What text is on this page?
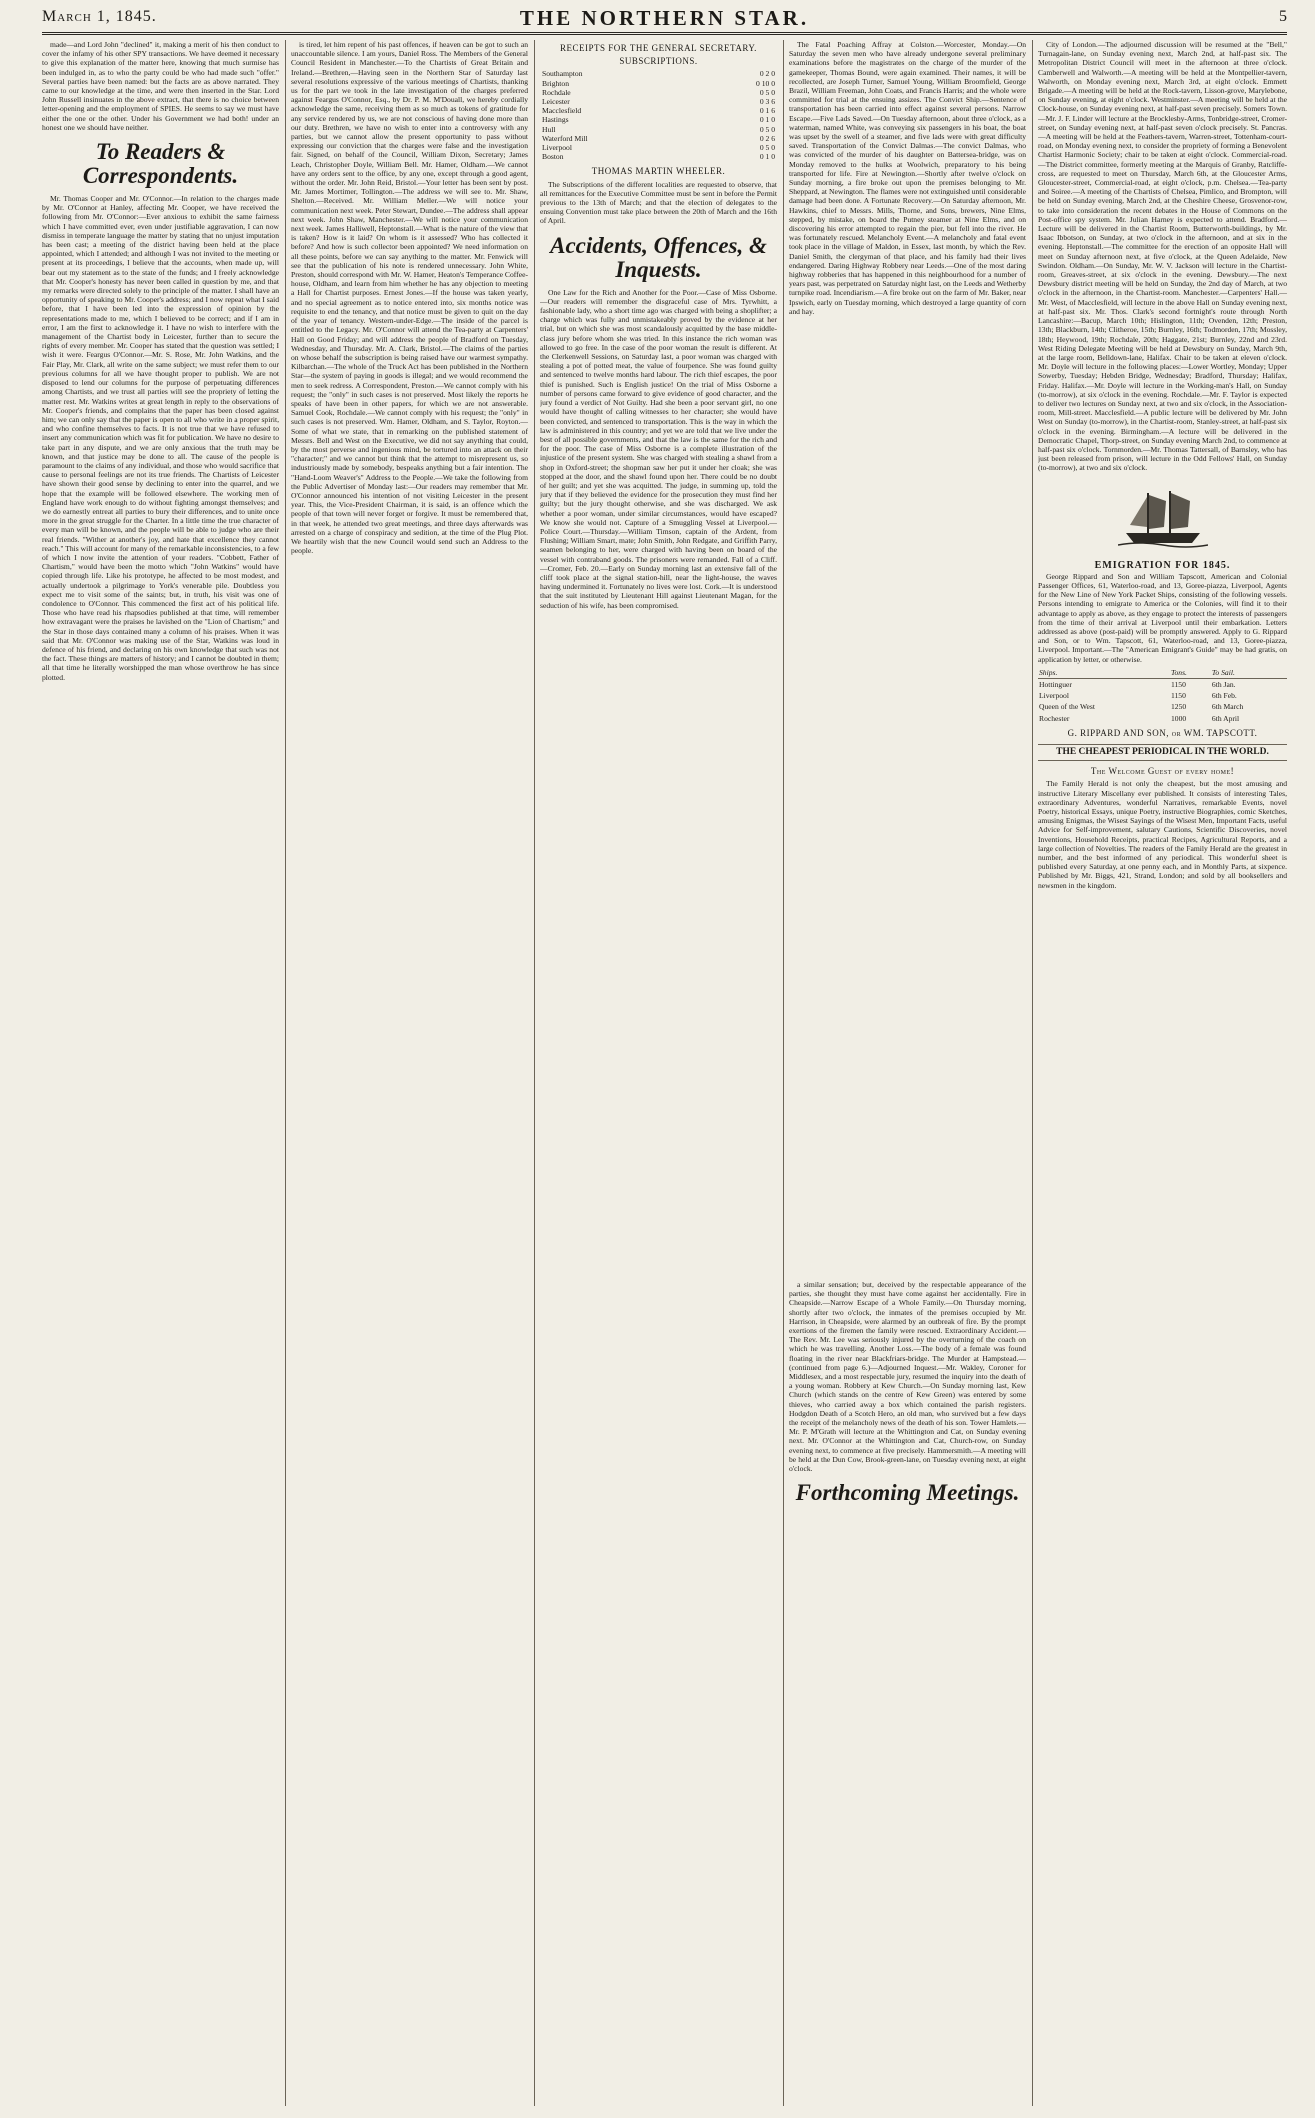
March 1, 1845.	THE NORTHERN STAR.	5

made—and Lord John "declined" it, making a merit of his then conduct to cover the infamy of his other SPY transactions. We have deemed it necessary to give this explanation of the matter here, knowing that much surmise has been indulged in, as to who the party could be who had made such "offer." Several parties have been named: but the facts are as above narrated. They came to our knowledge at the time, and were then inserted in the Star. Lord John Russell insinuates in the above extract, that there is no choice between letter-opening and the employment of SPIES. He seems to say we must have either the one or the other. Under his Government we had both! under an honest one we should have neither.

To Readers & Correspondents.

Mr. Thomas Cooper and Mr. O'Connor.—In relation to the charges made by Mr. O'Connor at Hanley, affecting Mr. Cooper, we have received the following from Mr. O'Connor:—Ever anxious to exhibit the same fairness which I have committed ever, even under justifiable aggravation, I can now dismiss in temperate language the matter by stating that no unjust imputation has been cast; a meeting of the district having been held at the place appointed, which I attended; and although I was not invited to the meeting or present at its proceedings, I believe that the accounts, when made up, will bear out my statement as to the state of the funds; and I freely acknowledge that Mr. Cooper's honesty has never been called in question by me, and that my remarks were directed solely to the principle of the matter. I shall have an opportunity of speaking to Mr. Cooper's address; and I now repeat what I said before, that I have been led into the expression of opinion by the representations made to me, which I believed to be correct; and if I am in error, I am the first to acknowledge it. I have no wish to interfere with the management of the Chartist body in Leicester, further than to secure the rights of every member. Mr. Cooper has stated that the question was settled; I wish it were. Feargus O'Connor.—Mr. S. Rose, Mr. John Watkins, and the Fair Play, Mr. Clark, all write on the same subject; we must refer them to our previous columns for all we have thought proper to publish. We are not disposed to lend our columns for the purpose of perpetuating differences among Chartists, and we trust all parties will see the propriety of letting the matter rest. Mr. Watkins writes at great length in reply to the observations of Mr. Cooper's friends, and complains that the paper has been closed against him; we can only say that the paper is open to all who write in a proper spirit, and who confine themselves to facts. It is not true that we have refused to insert any communication which was fit for publication. We have no desire to take part in any dispute, and we are only anxious that the truth may be known, and that justice may be done to all. The cause of the people is paramount to the claims of any individual, and those who would sacrifice that cause to personal feelings are not its true friends. The Chartists of Leicester have shown their good sense by declining to enter into the quarrel, and we hope that the example will be followed elsewhere. The working men of England have work enough to do without fighting amongst themselves; and we do earnestly entreat all parties to bury their differences, and to unite once more in the great struggle for the Charter. In a little time the true character of every man will be known, and the people will be able to judge who are their real friends. "Wither at another's joy, and hate that excellence they cannot reach." This will account for many of the remarkable inconsistencies, to a few of which I now invite the attention of your readers. "Cobbett, Father of Chartism," would have been the motto which "John Watkins" would have copied through life. Like his prototype, he affected to be most modest, and actually undertook a pilgrimage to York's venerable pile. Doubtless you expect me to visit some of the saints; but, in truth, his visit was one of condolence to O'Connor. This commenced the first act of his political life. Those who have read his rhapsodies published at that time, will remember how extravagant were the praises he lavished on the "Lion of Chartism;" and the Star in those days contained many a column of his praises. When it was said that Mr. O'Connor was making use of the Star, Watkins was loud in defence of his friend, and declaring on his own knowledge that such was not the fact. These things are matters of history; and I cannot be doubted in them; all that time he literally worshipped the man whose overthrow he has since plotted.

is tired, let him repent of his past offences, if heaven can be got to such an unaccountable silence. I am yours, Daniel Ross. The Members of the General Council Resident in Manchester.—To the Chartists of Great Britain and Ireland.—Brethren,—Having seen in the Northern Star of Saturday last several resolutions expressive of the various meetings of Chartists, thanking us for the part we took in the late investigation of the charges preferred against Feargus O'Connor, Esq., by Dr. P. M. M'Douall, we hereby cordially acknowledge the same, receiving them as so much as tokens of gratitude for any service rendered by us, we are not conscious of having done more than our duty. Brethren, we have no wish to enter into a controversy with any parties, but we cannot allow the present opportunity to pass without expressing our conviction that the charges were false and the investigation fair. Signed, on behalf of the Council, William Dixon, Secretary; James Leach, Christopher Doyle, William Bell. Mr. Hamer, Oldham.—We cannot have any orders sent to the office, by any one, except through a good agent, without the order. Mr. John Reid, Bristol.—Your letter has been sent by post. Mr. James Mortimer, Tollington.—The address we will see to. Mr. Shaw, Shelton.—Received. Mr. William Meller.—We will notice your communication next week. Peter Stewart, Dundee.—The address shall appear next week. John Shaw, Manchester.—We will notice your communication next week. James Halliwell, Heptonstall.—What is the nature of the view that is taken? How is it laid? On whom is it assessed? Who has collected it before? And how is such collector been appointed? We need information on all these points, before we can say anything to the matter. Mr. Fenwick will see that the publication of his note is rendered unnecessary. John White, Preston, should correspond with Mr. W. Hamer, Heaton's Temperance Coffee-house, Oldham, and learn from him whether he has any objection to meeting a Hall for Chartist purposes. Ernest Jones.—If the house was taken yearly, and no special agreement as to notice entered into, six months notice was requisite to end the tenancy, and that notice must be given to quit on the day of the year of tenancy. Western-under-Edge.—The inside of the parcel is entitled to the Legacy. Mr. O'Connor will attend the Tea-party at Carpenters' Hall on Good Friday; and will address the people of Bradford on Tuesday, Wednesday, and Thursday. Mr. A. Clark, Bristol.—The claims of the parties on whose behalf the subscription is being raised have our warmest sympathy. Kilbarchan.—The whole of the Truck Act has been published in the Northern Star—the system of paying in goods is illegal; and we would recommend the men to seek redress. A Correspondent, Preston.—We cannot comply with his request; the "only" in such cases is not preserved. Most likely the reports he speaks of have been in other papers, for which we are not answerable. Samuel Cook, Rochdale.—We cannot comply with his request; the "only" in such cases is not preserved. Wm. Hamer, Oldham, and S. Taylor, Royton.—Some of what we state, that in remarking on the published statement of Messrs. Bell and West on the Executive, we did not say anything that could, by the most perverse and ingenious mind, be tortured into an attack on their "character;" and we cannot but think that the attempt to misrepresent us, so industriously made by somebody, bespeaks anything but a fair intention. The "Hand-Loom Weaver's" Address to the People.—We take the following from the Public Advertiser of Monday last:—Our readers may remember that Mr. O'Connor announced his intention of not visiting Leicester in the present year. This, the Vice-President Chairman, it is said, is an offence which the people of that town will never forget or forgive. It must be remembered that, in that week, he attended two great meetings, and three days afterwards was arrested on a charge of conspiracy and sedition, at the time of the Plug Plot. We heartily wish that the new Council would send such an Address to the people.

RECEIPTS FOR THE GENERAL SECRETARY.
SUBSCRIPTIONS.
Southampton	0 2 0
Brighton	0 10 0
Rochdale	0 5 0
Leicester	0 3 6
Macclesfield	0 1 6
Hastings	0 1 0
Hull	0 5 0
Waterford Mill	0 2 6
Liverpool	0 5 0
Boston	0 1 0
THOMAS MARTIN WHEELER.

The Subscriptions of the different localities are requested to observe, that all remittances for the Executive Committee must be sent in before the Permit previous to the 13th of March; and that the election of delegates to the ensuing Convention must take place between the 20th of March and the 16th of April.

Accidents, Offences, & Inquests.

One Law for the Rich and Another for the Poor.—Case of Miss Osborne.—Our readers will remember the disgraceful case of Mrs. Tyrwhitt, a fashionable lady, who a short time ago was charged with being a shoplifter; a charge which was fully and unmistakeably proved by the evidence at her trial, but on which she was most scandalously acquitted by the base middle-class jury before whom she was tried. In this instance the rich woman was allowed to go free. In the case of the poor woman the result is different. At the Clerkenwell Sessions, on Saturday last, a poor woman was charged with stealing a pot of potted meat, the value of fourpence. She was found guilty and sentenced to twelve months hard labour. The rich thief escapes, the poor thief is punished. Such is English justice! On the trial of Miss Osborne a number of persons came forward to give evidence of good character, and the jury found a verdict of Not Guilty. Had she been a poor servant girl, no one would have thought of calling witnesses to her character; she would have been convicted, and sentenced to transportation. This is the way in which the law is administered in this country; and yet we are told that we live under the best of all possible governments, and that the law is the same for the rich and for the poor. The case of Miss Osborne is a complete illustration of the injustice of the present system. She was charged with stealing a shawl from a shop in Oxford-street; the shopman saw her put it under her cloak; she was stopped at the door, and the shawl found upon her. There could be no doubt of her guilt; and yet she was acquitted. The judge, in summing up, told the jury that if they believed the evidence for the prosecution they must find her guilty; but the jury thought otherwise, and she was discharged. We ask whether a poor woman, under similar circumstances, would have escaped? We know she would not. Capture of a Smuggling Vessel at Liverpool.—Police Court.—Thursday.—William Timson, captain of the Ardent, from Flushing; William Smart, mate; John Smith, John Redgate, and Griffith Parry, seamen belonging to her, were charged with having been on board of the vessel with contraband goods. The prisoners were remanded. Fall of a Cliff.—Cromer, Feb. 20.—Early on Sunday morning last an extensive fall of the cliff took place at the signal station-hill, near the light-house, the waves having undermined it. Fortunately no lives were lost. Cork.—It is understood that the suit instituted by Lieutenant Hill against Lieutenant Magan, for the seduction of his wife, has been compromised.

The Fatal Poaching Affray at Colston.—Worcester, Monday.—On Saturday the seven men who have already undergone several preliminary examinations before the magistrates on the charge of the murder of the gamekeeper, Thomas Bound, were again examined. Their names, it will be recollected, are Joseph Turner, Samuel Young, William Broomfield, George Brazil, William Freeman, John Coats, and Francis Harris; and the whole were committed for trial at the ensuing assizes. The Convict Ship.—Sentence of transportation has been carried into effect against several persons. Narrow Escape.—Five Lads Saved.—On Tuesday afternoon, about three o'clock, as a waterman, named White, was conveying six passengers in his boat, the boat was upset by the swell of a steamer, and five lads were with great difficulty saved. Transportation of the Convict Dalmas.—The convict Dalmas, who was convicted of the murder of his daughter on Battersea-bridge, was on Monday removed to the hulks at Woolwich, preparatory to his being transported for life. Fire at Newington.—Shortly after twelve o'clock on Sunday morning, a fire broke out upon the premises belonging to Mr. Sheppard, at Newington. The flames were not extinguished until considerable damage had been done. A Fortunate Recovery.—On Saturday afternoon, Mr. Hawkins, chief to Messrs. Mills, Thorne, and Sons, brewers, Nine Elms, stepped, by mistake, on board the Putney steamer at Nine Elms, and on discovering his error attempted to regain the pier, but fell into the river. He was fortunately rescued. Melancholy Event.—A melancholy and fatal event took place in the village of Maldon, in Essex, last month, by which the Rev. Daniel Smith, the clergyman of that place, and his family had their lives endangered. Daring Highway Robbery near Leeds.—One of the most daring highway robberies that has happened in this neighbourhood for a number of years past, was perpetrated on Saturday night last, on the Leeds and Wetherby turnpike road. Incendiarism.—A fire broke out on the farm of Mr. Baker, near Ipswich, early on Tuesday morning, which destroyed a large quantity of corn and hay.

a similar sensation; but, deceived by the respectable appearance of the parties, she thought they must have come against her accidentally. Fire in Cheapside.—Narrow Escape of a Whole Family.—On Thursday morning, shortly after two o'clock, the inmates of the premises occupied by Mr. Harrison, in Cheapside, were alarmed by an outbreak of fire. By the prompt exertions of the firemen the family were rescued. Extraordinary Accident.—The Rev. Mr. Lee was seriously injured by the overturning of the coach on which he was travelling. Another Loss.—The body of a female was found floating in the river near Blackfriars-bridge. The Murder at Hampstead.—(continued from page 6.)—Adjourned Inquest.—Mr. Wakley, Coroner for Middlesex, and a most respectable jury, resumed the inquiry into the death of a young woman. Robbery at Kew Church.—On Sunday morning last, Kew Church (which stands on the centre of Kew Green) was entered by some thieves, who carried away a box which contained the parish registers. Hodgdon Death of a Scotch Hero, an old man, who survived but a few days the receipt of the melancholy news of the death of his son. Tower Hamlets.—Mr. P. M'Grath will lecture at the Whittington and Cat, on Sunday evening next. Mr. O'Connor at the Whittington and Cat, Church-row, on Sunday evening next, to commence at five precisely. Hammersmith.—A meeting will be held at the Dun Cow, Brook-green-lane, on Tuesday evening next, at eight o'clock.

Forthcoming Meetings.

City of London.—The adjourned discussion will be resumed at the "Bell," Turnagain-lane, on Sunday evening next, March 2nd, at half-past six. The Metropolitan District Council will meet in the afternoon at three o'clock. Camberwell and Walworth.—A meeting will be held at the Montpellier-tavern, Walworth, on Monday evening next, March 3rd, at eight o'clock. Emmett Brigade.—A meeting will be held at the Rock-tavern, Lisson-grove, Marylebone, on Sunday evening, at eight o'clock. Westminster.—A meeting will be held at the Clock-house, on Sunday evening next, at half-past seven precisely. Somers Town.—Mr. J. F. Linder will lecture at the Brocklesby-Arms, Tonbridge-street, Cromer-street, on Sunday evening next, at half-past seven o'clock precisely. St. Pancras.—A meeting will be held at the Feathers-tavern, Warren-street, Tottenham-court-road, on Monday evening next, to consider the propriety of forming a Benevolent Chartist Harmonic Society; chair to be taken at eight o'clock. Commercial-road.—The District committee, formerly meeting at the Marquis of Granby, Ratcliffe-cross, are requested to meet on Thursday, March 6th, at the Gloucester Arms, Gloucester-street, Commercial-road, at eight o'clock, p.m. Chelsea.—Tea-party and Soiree.—A meeting of the Chartists of Chelsea, Pimlico, and Brompton, will be held on Sunday evening, March 2nd, at the Cheshire Cheese, Grosvenor-row, to take into consideration the recent debates in the House of Commons on the Post-office spy system. Mr. Julian Harney is expected to attend. Bradford.—Lecture will be delivered in the Chartist Room, Butterworth-buildings, by Mr. Isaac Ibbotson, on Sunday, at two o'clock in the afternoon, and at six in the evening. Heptonstall.—The committee for the erection of an opposite Hall will meet on Sunday afternoon next, at five o'clock, at the Queen Adelaide, New Swindon. Oldham.—On Sunday, Mr. W. V. Jackson will lecture in the Chartist-room, Greaves-street, at six o'clock in the evening. Dewsbury.—The next Dewsbury district meeting will be held on Sunday, the 2nd day of March, at two o'clock in the afternoon, in the Chartist-room. Manchester.—Carpenters' Hall.—Mr. West, of Macclesfield, will lecture in the above Hall on Sunday evening next, at half-past six. Mr. Thos. Clark's second fortnight's route through North Lancashire:—Bacup, March 10th; Hislington, 11th; Ovenden, 12th; Preston, 13th; Blackburn, 14th; Clitheroe, 15th; Burnley, 16th; Todmorden, 17th; Mossley, 18th; Heywood, 19th; Rochdale, 20th; Haggate, 21st; Burnley, 22nd and 23rd. West Riding Delegate Meeting will be held at Dewsbury on Sunday, March 9th, at the large room, Belldown-lane, Halifax. Chair to be taken at eleven o'clock. Mr. Doyle will lecture in the following places:—Lower Wortley, Monday; Upper Sowerby, Tuesday; Hebden Bridge, Wednesday; Bradford, Thursday; Halifax, Friday. Halifax.—Mr. Doyle will lecture in the Working-man's Hall, on Sunday (to-morrow), at six o'clock in the evening. Rochdale.—Mr. F. Taylor is expected to deliver two lectures on Sunday next, at two and six o'clock, in the Association-room, Mill-street. Macclesfield.—A public lecture will be delivered by Mr. John West on Sunday (to-morrow), in the Chartist-room, Stanley-street, at half-past six o'clock in the evening. Birmingham.—A lecture will be delivered in the Democratic Chapel, Thorp-street, on Sunday evening March 2nd, to commence at half-past six o'clock. Tornmorden.—Mr. Thomas Tattersall, of Barnsley, who has just been released from prison, will lecture in the Odd Fellows' Hall, on Sunday (to-morrow), at two and six o'clock.

EMIGRATION FOR 1845.

George Rippard and Son and William Tapscott, American and Colonial Passenger Offices, 61, Waterloo-road, and 13, Goree-piazza, Liverpool, Agents for the New Line of New York Packet Ships, consisting of the following vessels. Persons intending to emigrate to America or the Colonies, will find it to their advantage to apply as above, as they engage to protect the interests of passengers from the time of their arrival at Liverpool until their embarkation. Letters addressed as above (post-paid) will be promptly answered. Apply to G. Rippard and Son, or to Wm. Tapscott, 61, Waterloo-road, and 13, Goree-piazza, Liverpool. Important.—The "American Emigrant's Guide" may be had gratis, on application by letter, or otherwise.

Ships.	Tons.	To Sail.
Hottinguer	1150	6th Jan.
Liverpool	1150	6th Feb.
Queen of the West	1250	6th March
Rochester	1000	6th April
G. RIPPARD AND SON, or WM. TAPSCOTT.
THE CHEAPEST PERIODICAL IN THE WORLD.
The Welcome Guest of every home!

The Family Herald is not only the cheapest, but the most amusing and instructive Literary Miscellany ever published. It consists of interesting Tales, extraordinary Adventures, wonderful Narratives, remarkable Events, novel Poetry, historical Essays, unique Poetry, instructive Biographies, comic Sketches, amusing Enigmas, the Wisest Sayings of the Wisest Men, Important Facts, useful Advice for Self-improvement, salutary Cautions, Scientific Discoveries, novel Inventions, Household Receipts, practical Recipes, Agricultural Reports, and a large collection of Novelties. The readers of the Family Herald are the greatest in number, and the best informed of any periodical. This wonderful sheet is published every Saturday, at one penny each, and in Monthly Parts, at sixpence. Published by Mr. Biggs, 421, Strand, London; and sold by all booksellers and newsmen in the kingdom.
